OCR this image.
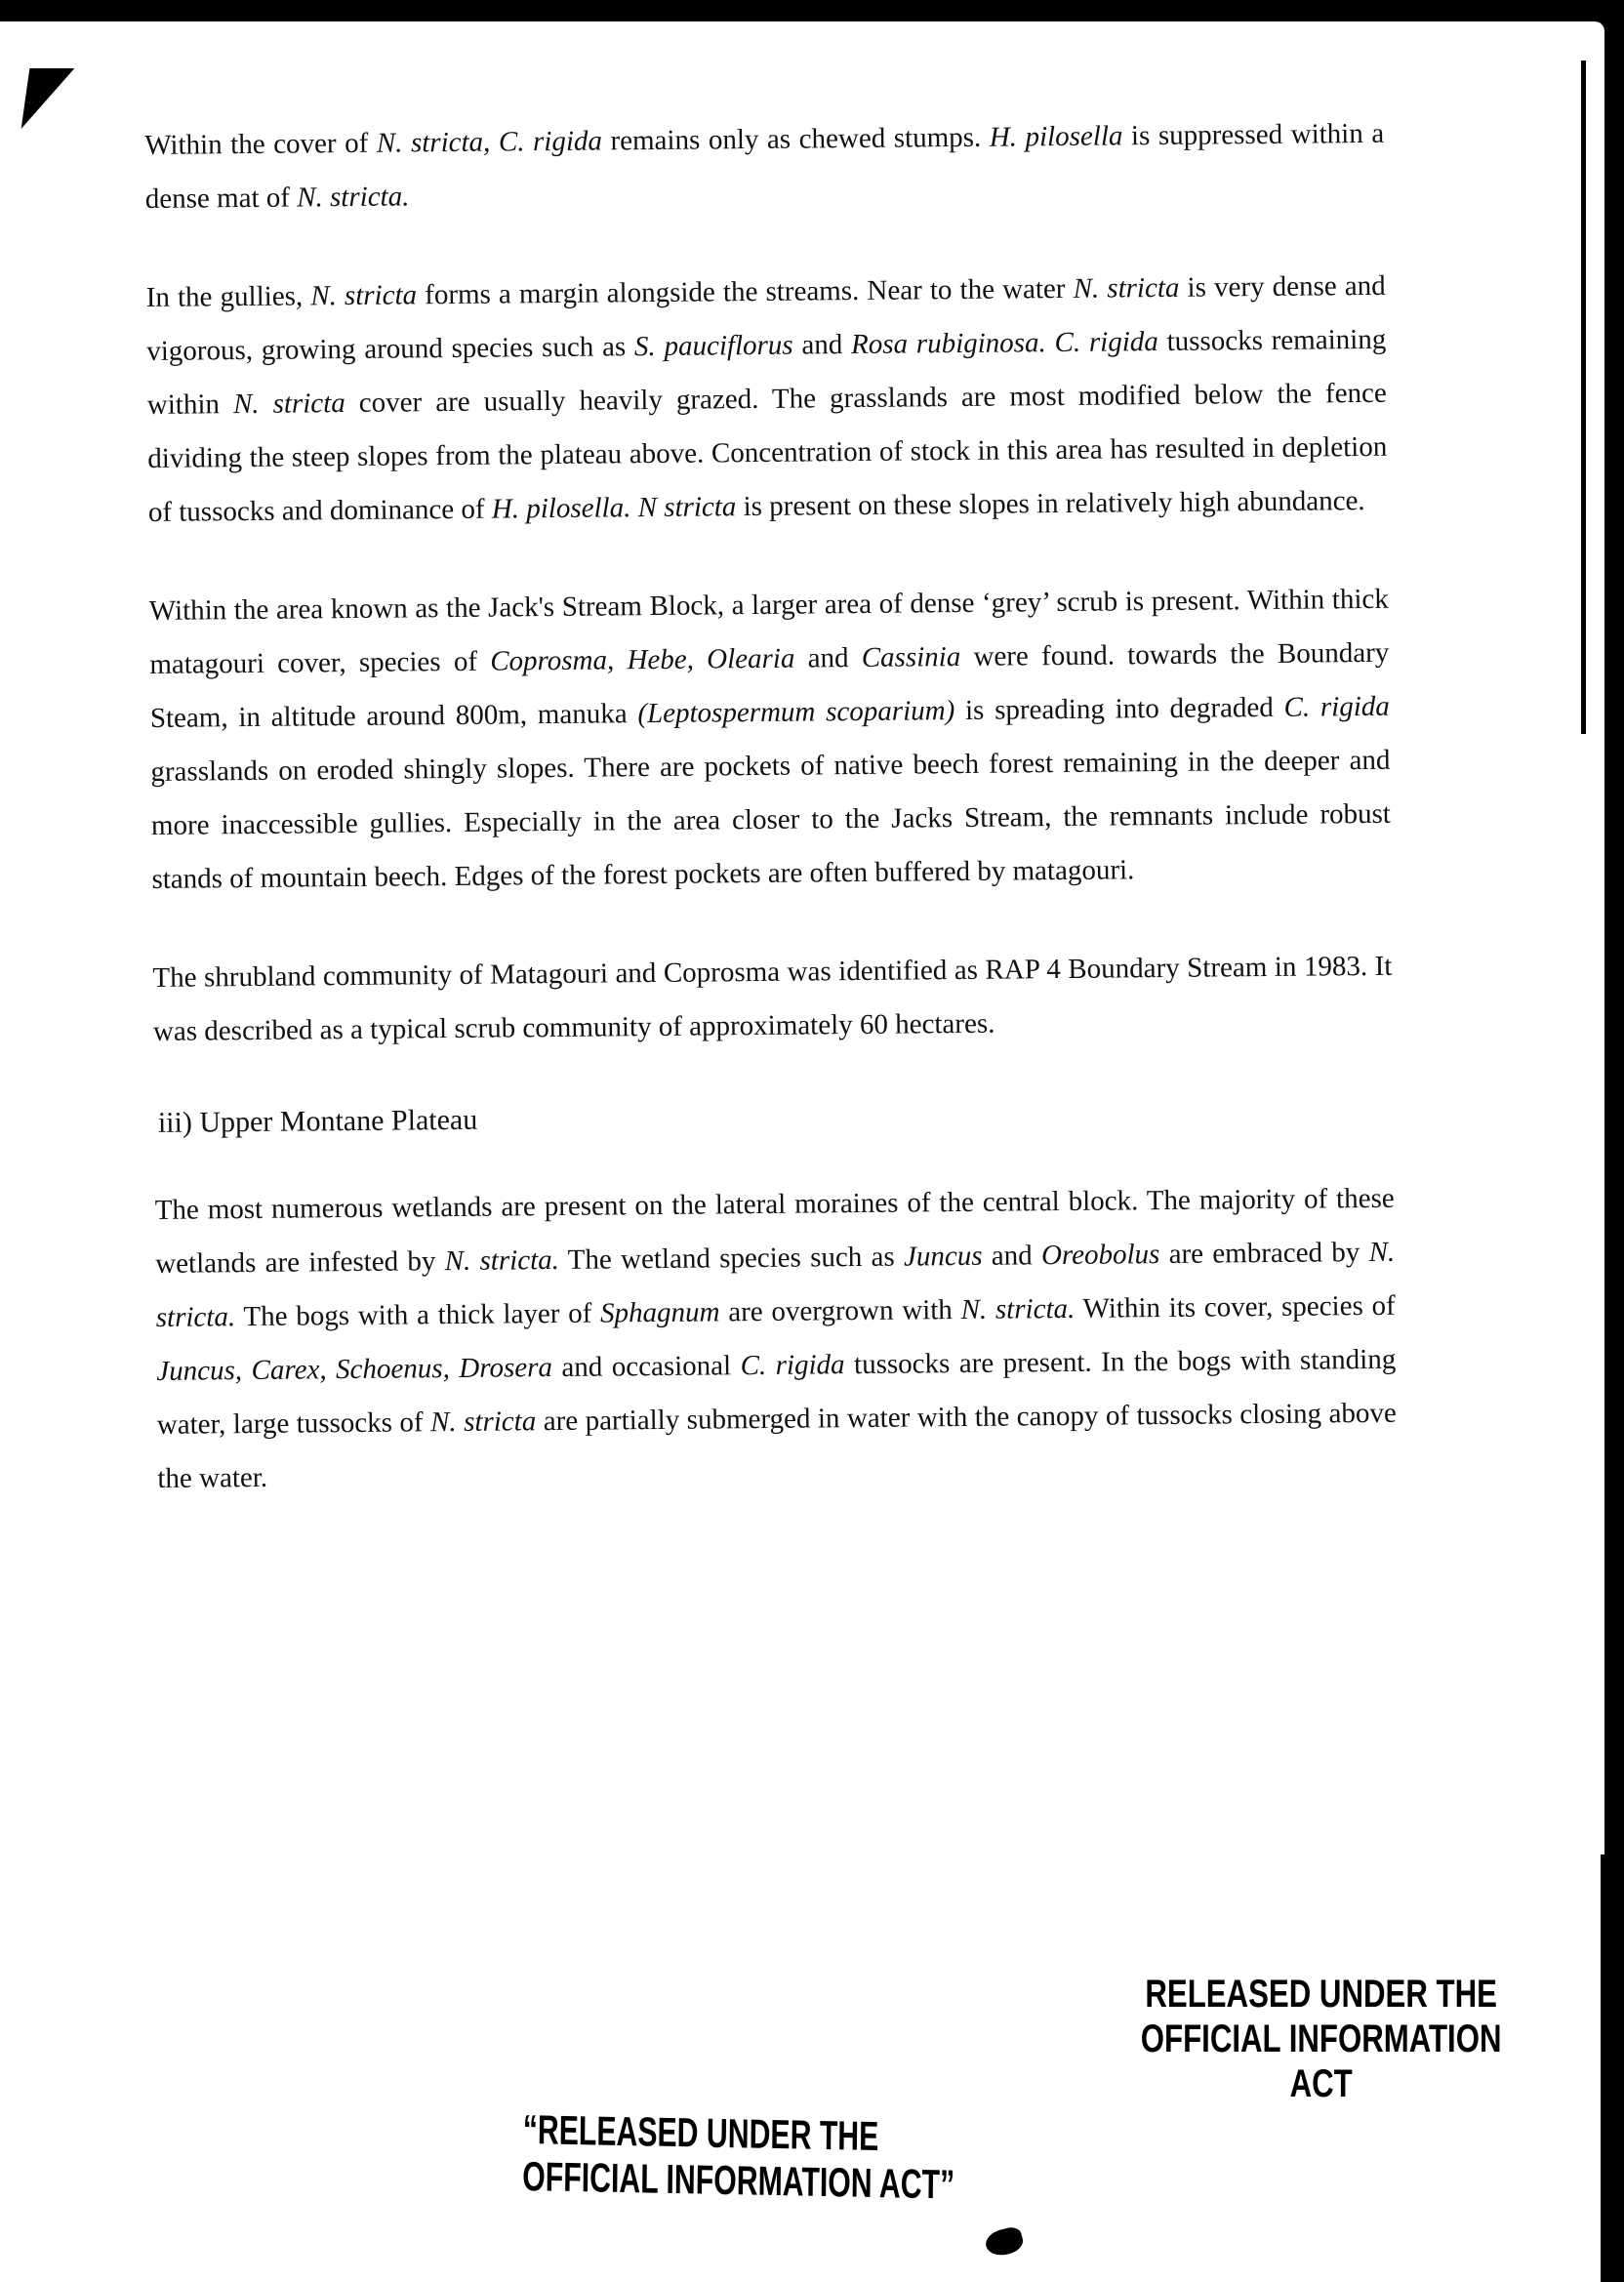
Within the cover of N. stricta, C. rigida remains only as chewed stumps. H. pilosella is suppressed within a dense mat of N. stricta.

In the gullies, N. stricta forms a margin alongside the streams. Near to the water N. stricta is very dense and vigorous, growing around species such as S. pauciflorus and Rosa rubiginosa. C. rigida tussocks remaining within N. stricta cover are usually heavily grazed. The grasslands are most modified below the fence dividing the steep slopes from the plateau above. Concentration of stock in this area has resulted in depletion of tussocks and dominance of H. pilosella. N stricta is present on these slopes in relatively high abundance.

Within the area known as the Jack's Stream Block, a larger area of dense ‘grey’ scrub is present. Within thick matagouri cover, species of Coprosma, Hebe, Olearia and Cassinia were found. towards the Boundary Steam, in altitude around 800m, manuka (Leptospermum scoparium) is spreading into degraded C. rigida grasslands on eroded shingly slopes. There are pockets of native beech forest remaining in the deeper and more inaccessible gullies. Especially in the area closer to the Jacks Stream, the remnants include robust stands of mountain beech. Edges of the forest pockets are often buffered by matagouri.

The shrubland community of Matagouri and Coprosma was identified as RAP 4 Boundary Stream in 1983. It was described as a typical scrub community of approximately 60 hectares.

iii) Upper Montane Plateau

The most numerous wetlands are present on the lateral moraines of the central block. The majority of these wetlands are infested by N. stricta. The wetland species such as Juncus and Oreobolus are embraced by N. stricta. The bogs with a thick layer of Sphagnum are overgrown with N. stricta. Within its cover, species of Juncus, Carex, Schoenus, Drosera and occasional C. rigida tussocks are present. In the bogs with standing water, large tussocks of N. stricta are partially submerged in water with the canopy of tussocks closing above the water.

RELEASED UNDER THE
OFFICIAL INFORMATION ACT
“RELEASED UNDER THE
OFFICIAL INFORMATION ACT”
